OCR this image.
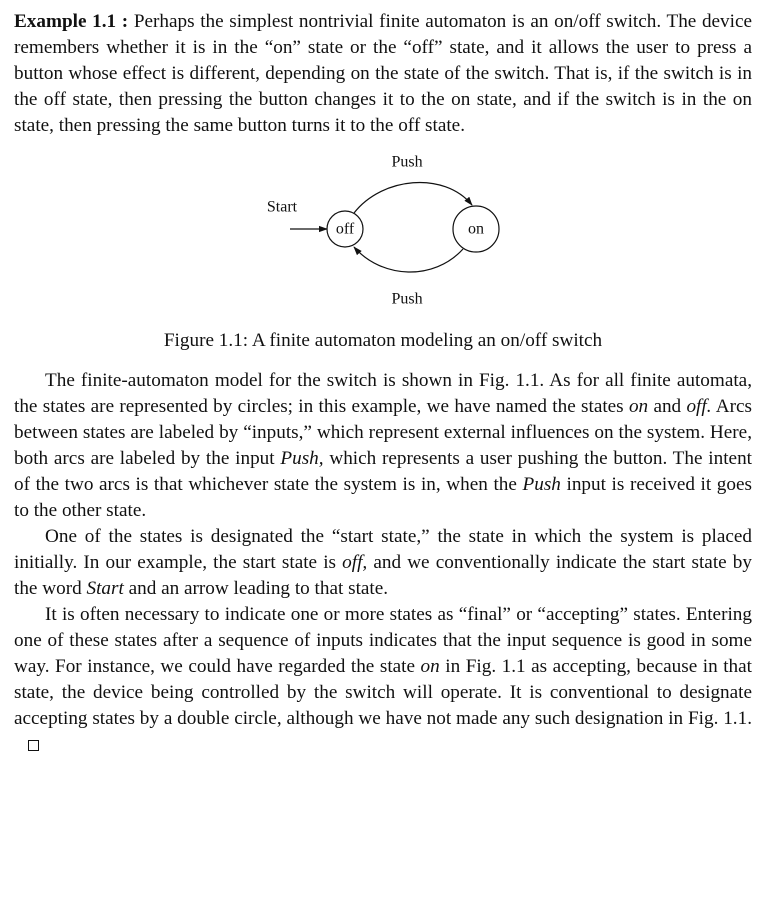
Example 1.1 : Perhaps the simplest nontrivial finite automaton is an on/off switch. The device remembers whether it is in the “on” state or the “off” state, and it allows the user to press a button whose effect is different, depending on the state of the switch. That is, if the switch is in the off state, then pressing the button changes it to the on state, and if the switch is in the on state, then pressing the same button turns it to the off state.

Push
Start
off	on
Push
Figure 1.1: A finite automaton modeling an on/off switch

The finite-automaton model for the switch is shown in Fig. 1.1. As for all finite automata, the states are represented by circles; in this example, we have named the states on and off. Arcs between states are labeled by “inputs,” which represent external influences on the system. Here, both arcs are labeled by the input Push, which represents a user pushing the button. The intent of the two arcs is that whichever state the system is in, when the Push input is received it goes to the other state.

One of the states is designated the “start state,” the state in which the system is placed initially. In our example, the start state is off, and we conventionally indicate the start state by the word Start and an arrow leading to that state.

It is often necessary to indicate one or more states as “final” or “accepting” states. Entering one of these states after a sequence of inputs indicates that the input sequence is good in some way. For instance, we could have regarded the state on in Fig. 1.1 as accepting, because in that state, the device being controlled by the switch will operate. It is conventional to designate accepting states by a double circle, although we have not made any such designation in Fig. 1.1.
